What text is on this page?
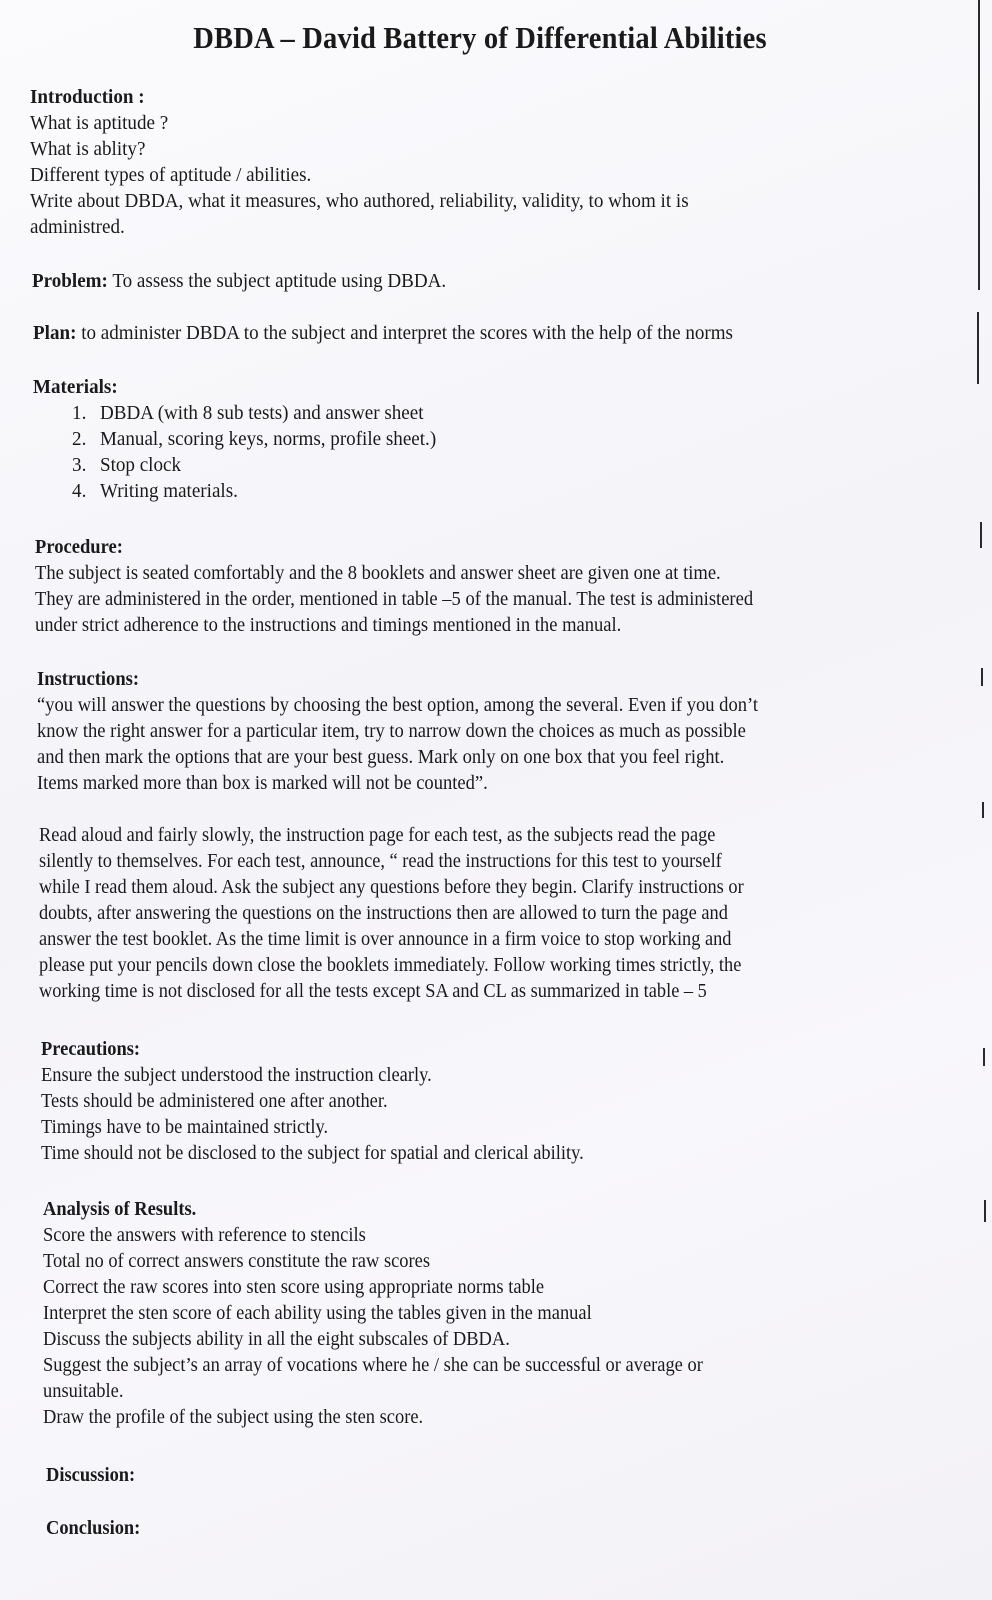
DBDA – David Battery of Differential Abilities
Introduction :
What is aptitude ?
What is ablity?
Different types of aptitude / abilities.
Write about DBDA, what it measures, who authored, reliability, validity, to whom it is
administred.
Problem: To assess the subject aptitude using DBDA.
Plan: to administer DBDA to the subject and interpret the scores with the help of the norms
Materials:
1. DBDA (with 8 sub tests) and answer sheet
2. Manual, scoring keys, norms, profile sheet.)
3. Stop clock
4. Writing materials.
Procedure:
The subject is seated comfortably and the 8 booklets and answer sheet are given one at time.
They are administered in the order, mentioned in table –5 of the manual. The test is administered
under strict adherence to the instructions and timings mentioned in the manual.
Instructions:
“you will answer the questions by choosing the best option, among the several. Even if you don’t
know the right answer for a particular item, try to narrow down the choices as much as possible
and then mark the options that are your best guess. Mark only on one box that you feel right.
Items marked more than box is marked will not be counted”.
Read aloud and fairly slowly, the instruction page for each test, as the subjects read the page
silently to themselves. For each test, announce, “ read the instructions for this test to yourself
while I read them aloud. Ask the subject any questions before they begin. Clarify instructions or
doubts, after answering the questions on the instructions then are allowed to turn the page and
answer the test booklet. As the time limit is over announce in a firm voice to stop working and
please put your pencils down close the booklets immediately. Follow working times strictly, the
working time is not disclosed for all the tests except SA and CL as summarized in table – 5
Precautions:
Ensure the subject understood the instruction clearly.
Tests should be administered one after another.
Timings have to be maintained strictly.
Time should not be disclosed to the subject for spatial and clerical ability.
Analysis of Results.
Score the answers with reference to stencils
Total no of correct answers constitute the raw scores
Correct the raw scores into sten score using appropriate norms table
Interpret the sten score of each ability using the tables given in the manual
Discuss the subjects ability in all the eight subscales of DBDA.
Suggest the subject’s an array of vocations where he / she can be successful or average or
unsuitable.
Draw the profile of the subject using the sten score.
Discussion:
Conclusion:
